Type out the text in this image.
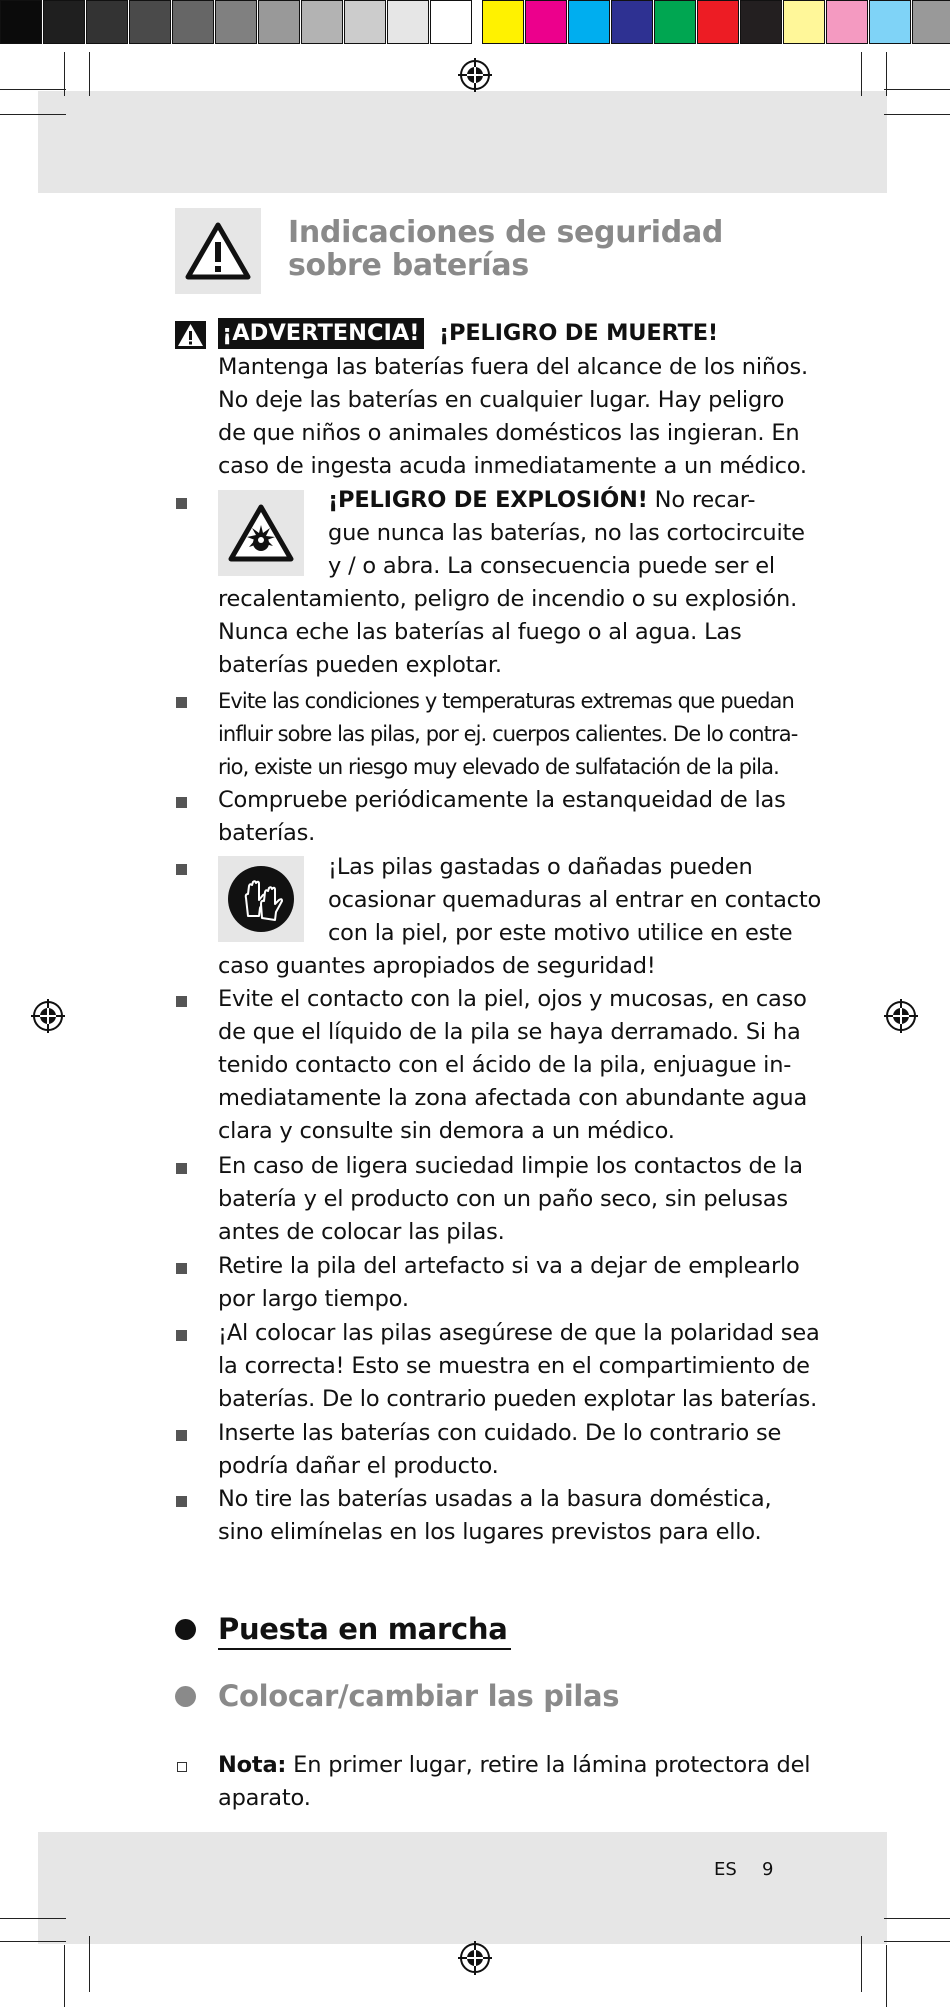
Indicaciones de seguridad
sobre baterías
¡ADVERTENCIA! ¡PELIGRO DE MUERTE!
Mantenga las baterías fuera del alcance de los niños.
No deje las baterías en cualquier lugar. Hay peligro
de que niños o animales domésticos las ingieran. En
caso de ingesta acuda inmediatamente a un médico.
¡PELIGRO DE EXPLOSIÓN! No recar-
gue nunca las baterías, no las cortocircuite
y / o abra. La consecuencia puede ser el
recalentamiento, peligro de incendio o su explosión.
Nunca eche las baterías al fuego o al agua. Las
baterías pueden explotar.
Evite las condiciones y temperaturas extremas que puedan
influir sobre las pilas, por ej. cuerpos calientes. De lo contra-
rio, existe un riesgo muy elevado de sulfatación de la pila.
Compruebe periódicamente la estanqueidad de las
baterías.
¡Las pilas gastadas o dañadas pueden
ocasionar quemaduras al entrar en contacto
con la piel, por este motivo utilice en este
caso guantes apropiados de seguridad!
Evite el contacto con la piel, ojos y mucosas, en caso
de que el líquido de la pila se haya derramado. Si ha
tenido contacto con el ácido de la pila, enjuague in-
mediatamente la zona afectada con abundante agua
clara y consulte sin demora a un médico.
En caso de ligera suciedad limpie los contactos de la
batería y el producto con un paño seco, sin pelusas
antes de colocar las pilas.
Retire la pila del artefacto si va a dejar de emplearlo
por largo tiempo.
¡Al colocar las pilas asegúrese de que la polaridad sea
la correcta! Esto se muestra en el compartimiento de
baterías. De lo contrario pueden explotar las baterías.
Inserte las baterías con cuidado. De lo contrario se
podría dañar el producto.
No tire las baterías usadas a la basura doméstica,
sino elimínelas en los lugares previstos para ello.
Puesta en marcha
Colocar/cambiar las pilas
Nota: En primer lugar, retire la lámina protectora del
aparato.
ES 9
